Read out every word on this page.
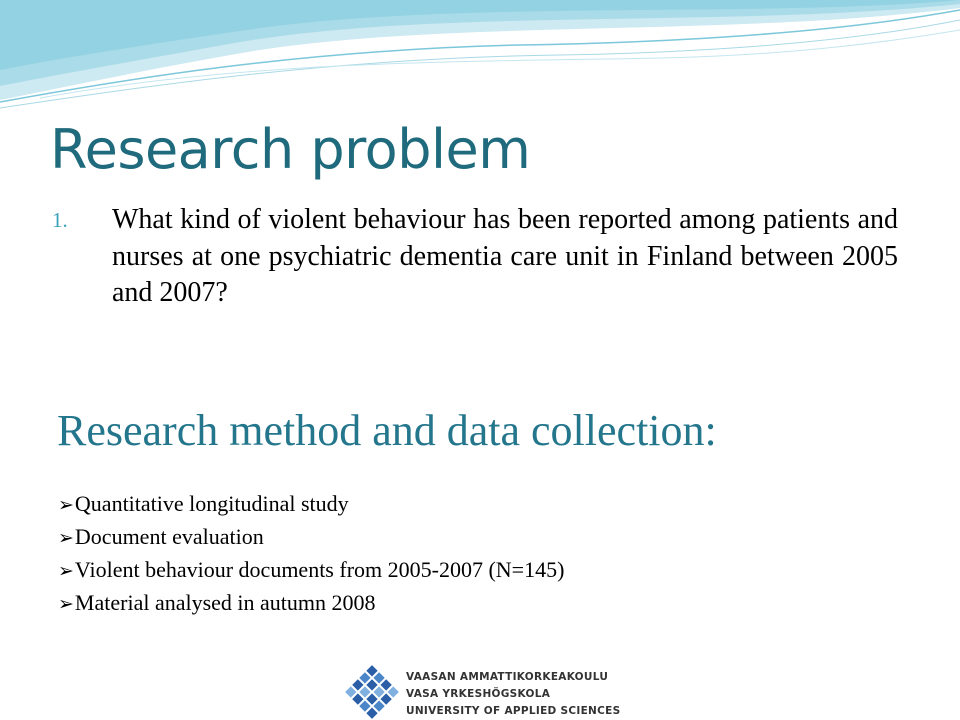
Research problem
1. What kind of violent behaviour has been reported among patients and nurses at one psychiatric dementia care unit in Finland between 2005 and 2007?
Research method and data collection:
➢Quantitative longitudinal study
➢Document evaluation
➢Violent behaviour documents from 2005-2007 (N=145)
➢Material analysed in autumn 2008
VAASAN AMMATTIKORKEAKOULU
VASA YRKESHÖGSKOLA
UNIVERSITY OF APPLIED SCIENCES
